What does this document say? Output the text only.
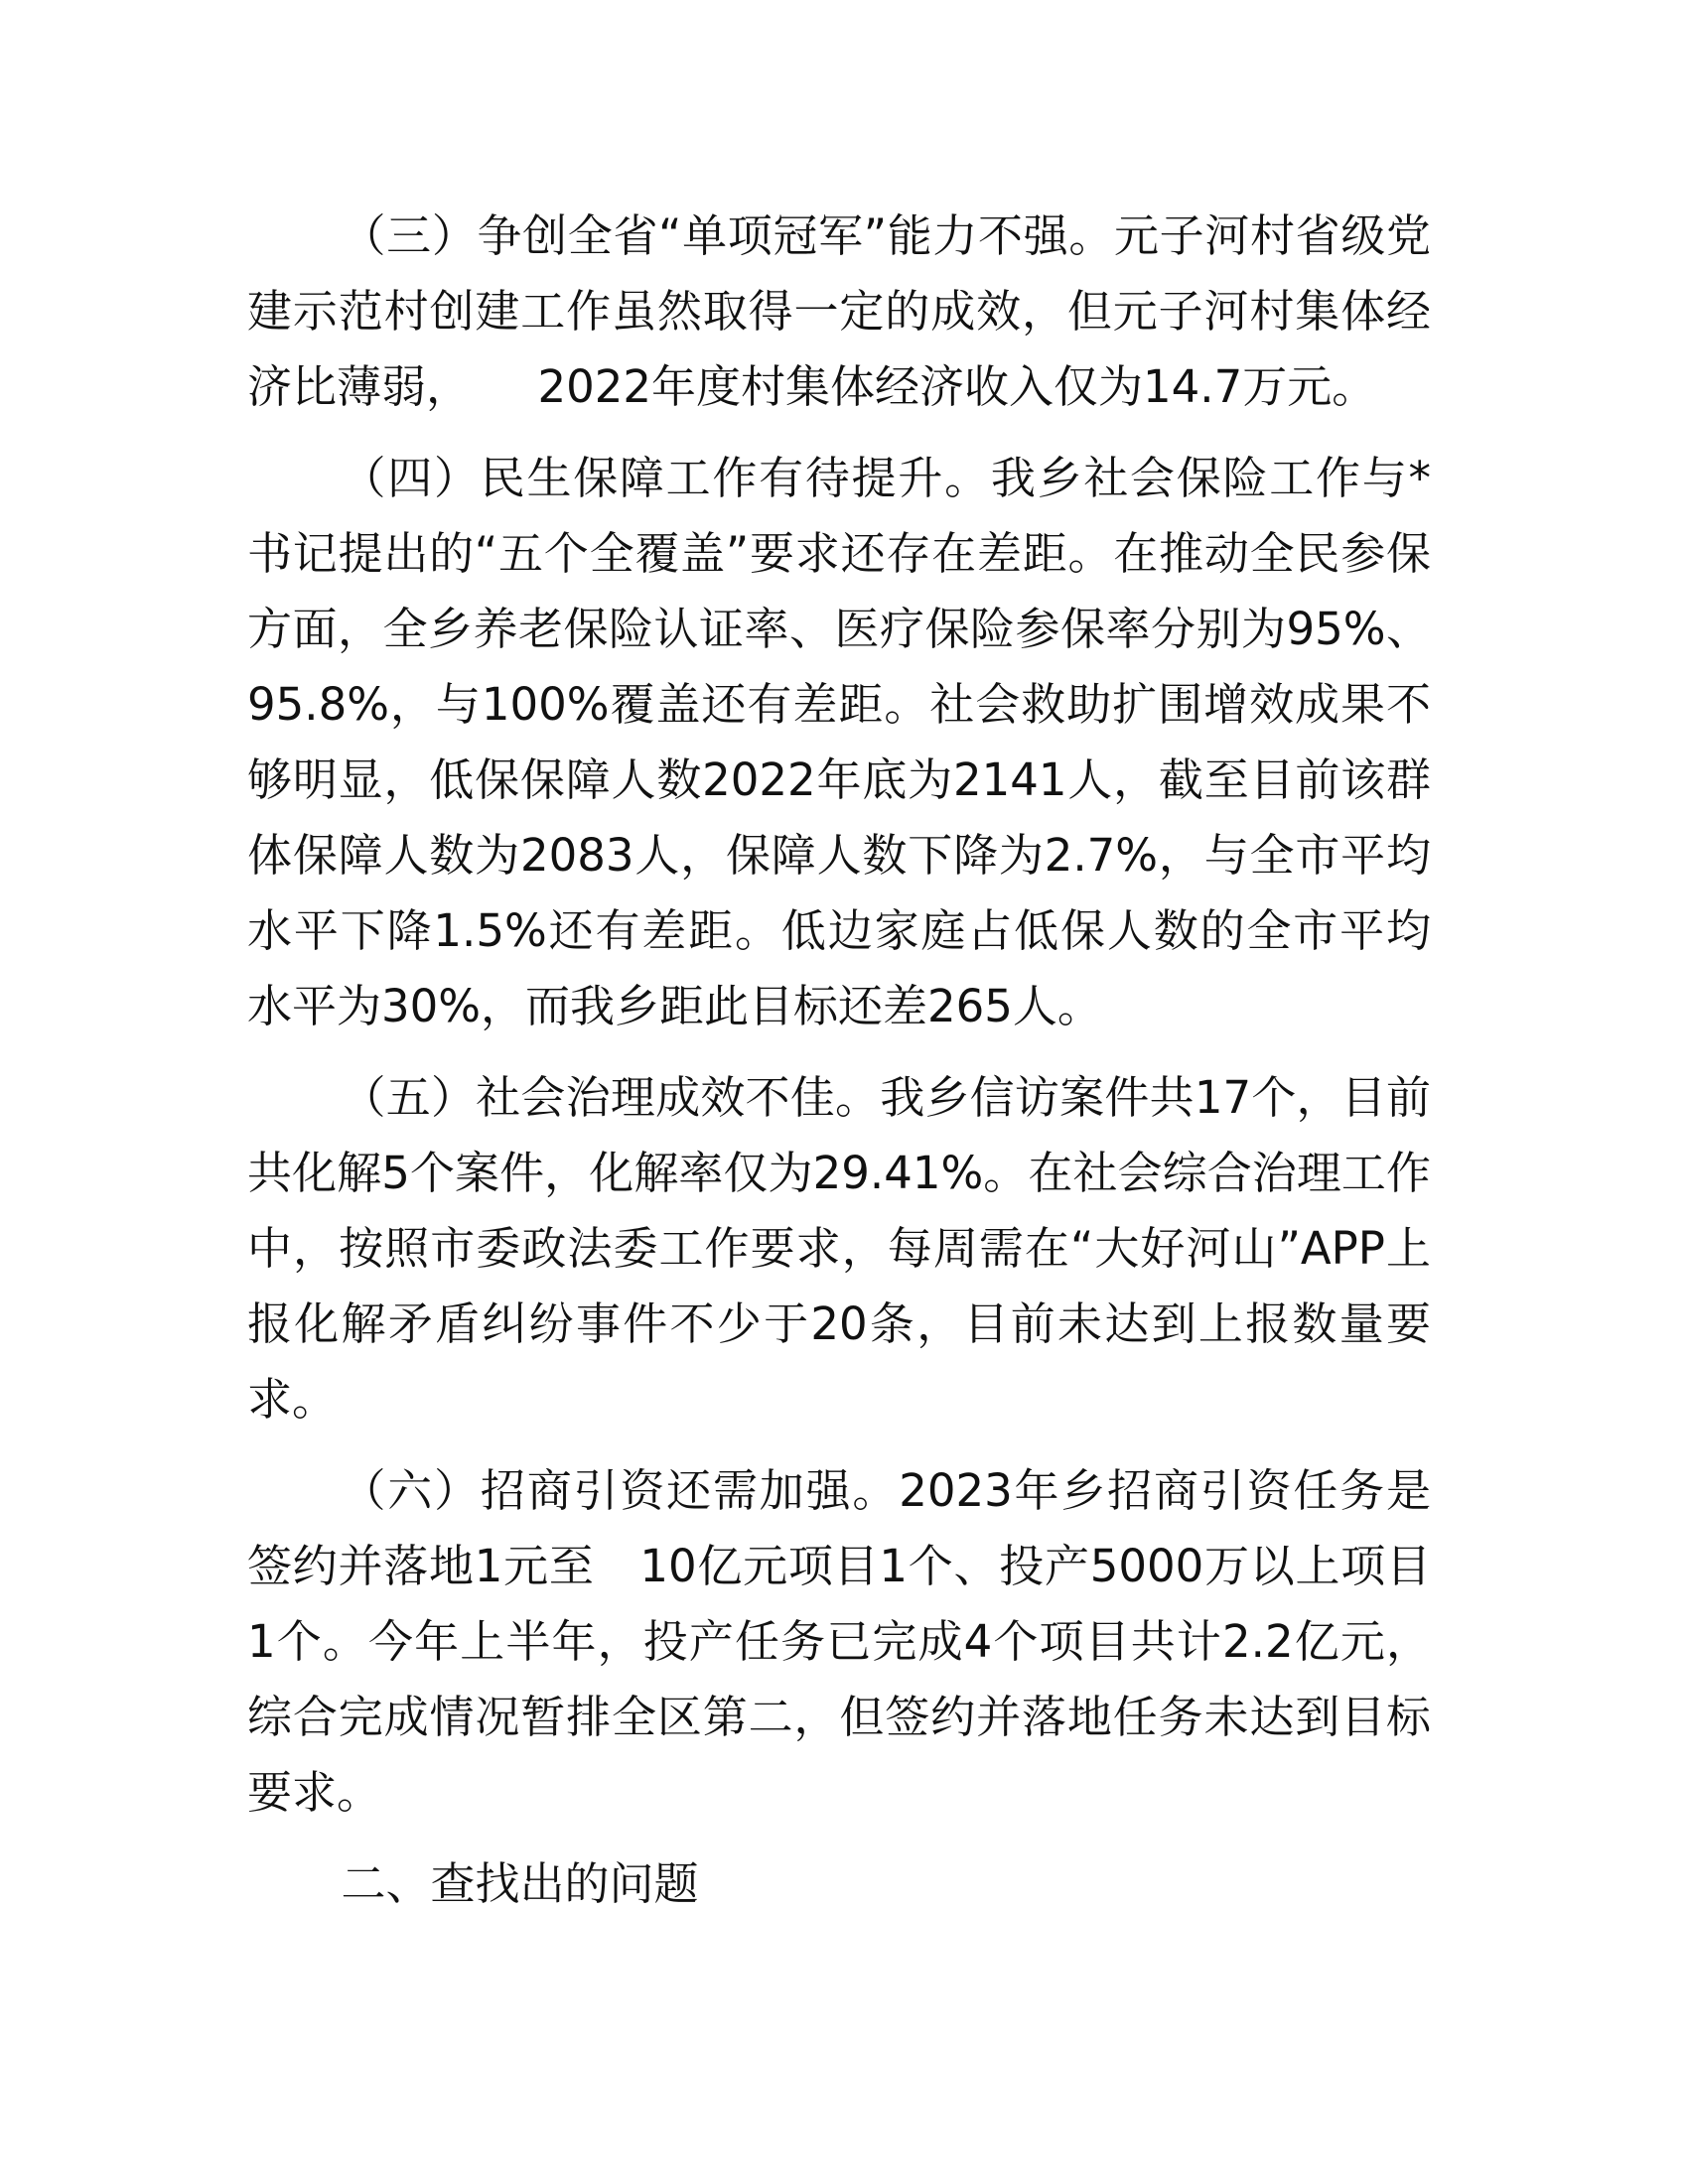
（三）争创全省“单项冠军”能力不强。元子河村省级党建示范村创建工作虽然取得一定的成效，但元子河村集体经济比薄弱，　　2022年度村集体经济收入仅为14.7万元。

（四）民生保障工作有待提升。我乡社会保险工作与*书记提出的“五个全覆盖”要求还存在差距。在推动全民参保方面，全乡养老保险认证率、医疗保险参保率分别为95%、95.8%，与100%覆盖还有差距。社会救助扩围增效成果不够明显，低保保障人数2022年底为2141人，截至目前该群体保障人数为2083人，保障人数下降为2.7%，与全市平均水平下降1.5%还有差距。低边家庭占低保人数的全市平均水平为30%，而我乡距此目标还差265人。

（五）社会治理成效不佳。我乡信访案件共17个，目前共化解5个案件，化解率仅为29.41%。在社会综合治理工作中，按照市委政法委工作要求，每周需在“大好河山”APP上报化解矛盾纠纷事件不少于20条，目前未达到上报数量要求。

（六）招商引资还需加强。2023年乡招商引资任务是签约并落地1元至　10亿元项目1个、投产5000万以上项目1个。今年上半年，投产任务已完成4个项目共计2.2亿元，综合完成情况暂排全区第二，但签约并落地任务未达到目标要求。

二、查找出的问题
